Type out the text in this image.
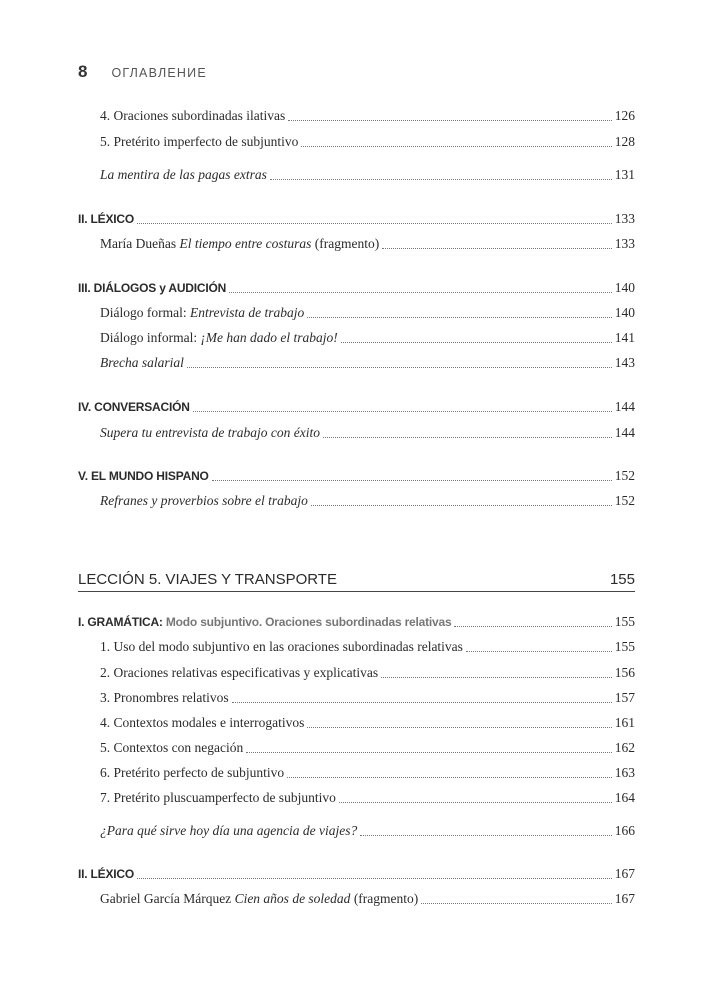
8 ОГЛАВЛЕНИЕ
4. Oraciones subordinadas ilativas	126
5. Pretérito imperfecto de subjuntivo	128
La mentira de las pagas extras	131
II. LÉXICO	133
María Dueñas El tiempo entre costuras (fragmento)	133
III. DIÁLOGOS y AUDICIÓN	140
Diálogo formal: Entrevista de trabajo	140
Diálogo informal: ¡Me han dado el trabajo!	141
Brecha salarial	143
IV. CONVERSACIÓN	144
Supera tu entrevista de trabajo con éxito	144
V. EL MUNDO HISPANO	152
Refranes y proverbios sobre el trabajo	152
LECCIÓN 5. VIAJES Y TRANSPORTE	155
I. GRAMÁTICA: Modo subjuntivo. Oraciones subordinadas relativas	155
1. Uso del modo subjuntivo en las oraciones subordinadas relativas	155
2. Oraciones relativas especificativas y explicativas	156
3. Pronombres relativos	157
4. Contextos modales e interrogativos	161
5. Contextos con negación	162
6. Pretérito perfecto de subjuntivo	163
7. Pretérito pluscuamperfecto de subjuntivo	164
¿Para qué sirve hoy día una agencia de viajes?	166
II. LÉXICO	167
Gabriel García Márquez Cien años de soledad (fragmento)	167
